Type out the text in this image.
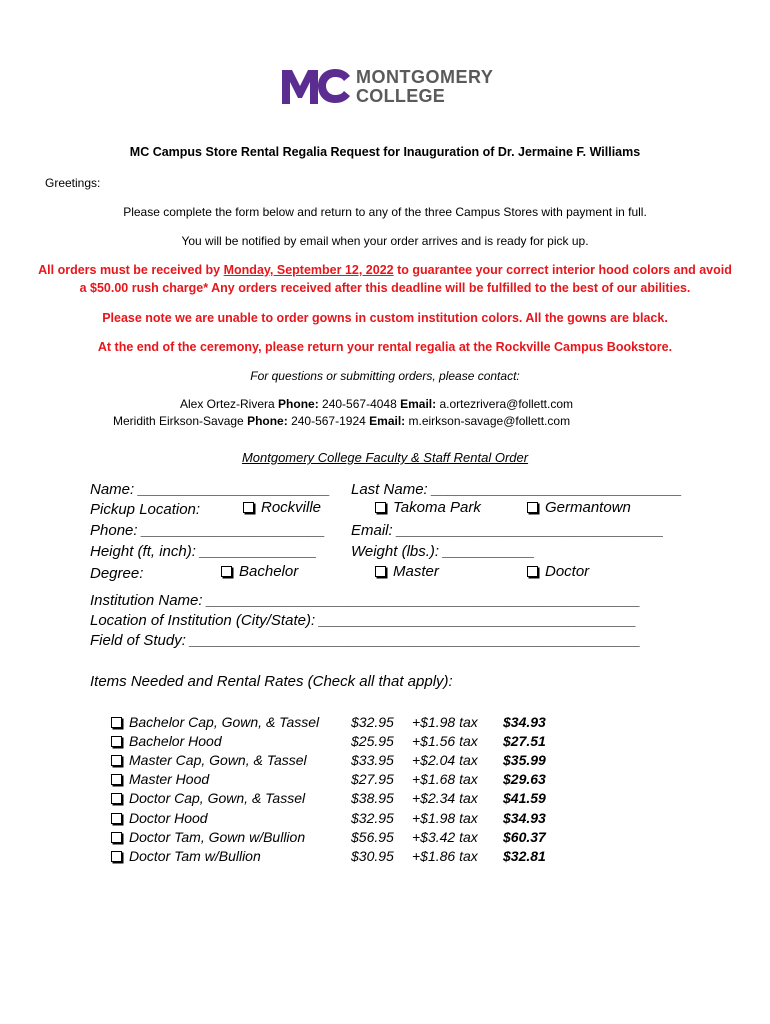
MONTGOMERY
COLLEGE
MC Campus Store Rental Regalia Request for Inauguration of Dr. Jermaine F. Williams
Greetings:
Please complete the form below and return to any of the three Campus Stores with payment in full.
You will be notified by email when your order arrives and is ready for pick up.
All orders must be received by Monday, September 12, 2022 to guarantee your correct interior hood colors and avoid
a $50.00 rush charge* Any orders received after this deadline will be fulfilled to the best of our abilities.
Please note we are unable to order gowns in custom institution colors. All the gowns are black.
At the end of the ceremony, please return your rental regalia at the Rockville Campus Bookstore.
For questions or submitting orders, please contact:
Alex Ortez-Rivera Phone: 240-567-4048 Email: a.ortezrivera@follett.com
Meridith Eirkson-Savage Phone: 240-567-1924 Email: m.eirkson-savage@follett.com
Montgomery College Faculty & Staff Rental Order
Name: _______________________ Last Name: ______________________________
Pickup Location:	Rockville	Takoma Park	Germantown
Phone: ______________________ Email: ________________________________
Height (ft, inch): ______________ Weight (lbs.): ___________
Degree:	Bachelor	Master	Doctor
Institution Name: ____________________________________________________
Location of Institution (City/State): ______________________________________
Field of Study: ______________________________________________________
Items Needed and Rental Rates (Check all that apply):
Bachelor Cap, Gown, & Tassel $32.95 +$1.98 tax $34.93
Bachelor Hood	$25.95 +$1.56 tax $27.51
Master Cap, Gown, & Tassel	$33.95 +$2.04 tax $35.99
Master Hood	$27.95 +$1.68 tax $29.63
Doctor Cap, Gown, & Tassel	$38.95 +$2.34 tax $41.59
Doctor Hood	$32.95 +$1.98 tax $34.93
Doctor Tam, Gown w/Bullion	$56.95 +$3.42 tax $60.37
Doctor Tam w/Bullion	$30.95 +$1.86 tax $32.81
